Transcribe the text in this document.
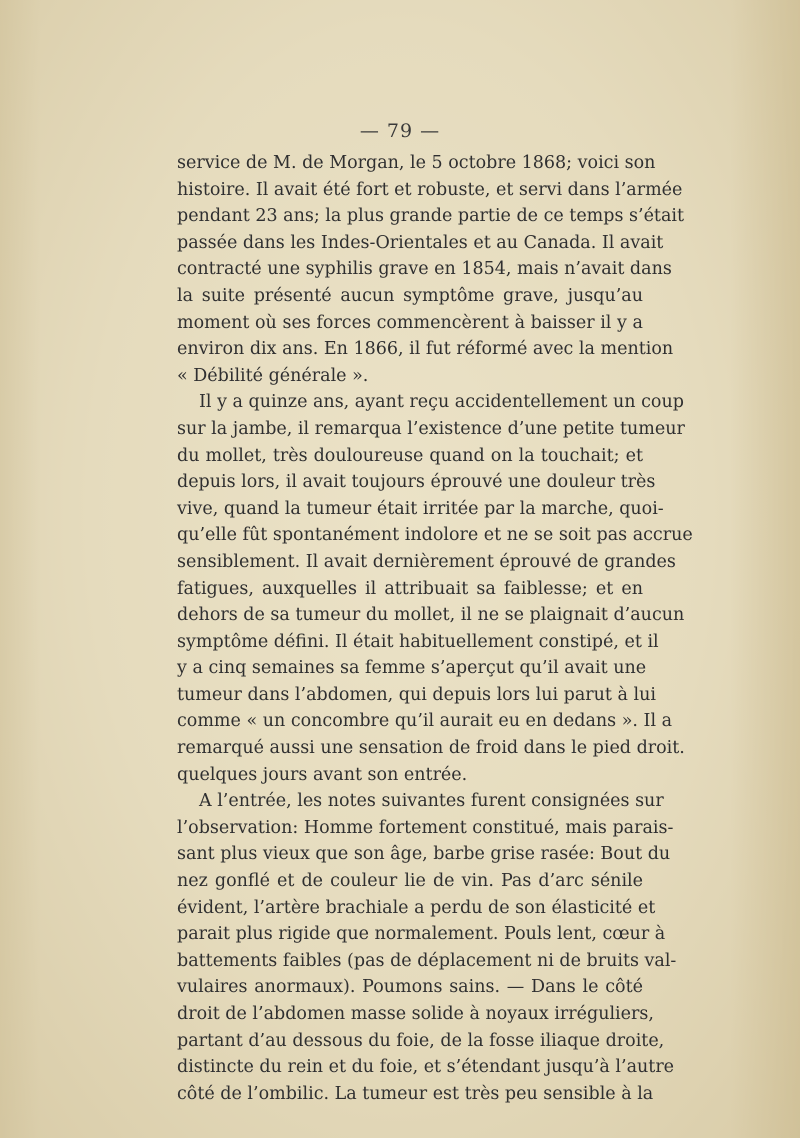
— 79 —
service de M. de Morgan, le 5 octobre 1868; voici son
histoire. Il avait été fort et robuste, et servi dans l’armée
pendant 23 ans; la plus grande partie de ce temps s’était
passée dans les Indes-Orientales et au Canada. Il avait
contracté une syphilis grave en 1854, mais n’avait dans
la suite présenté aucun symptôme grave, jusqu’au
moment où ses forces commencèrent à baisser il y a
environ dix ans. En 1866, il fut réformé avec la mention
« Débilité générale ».
Il y a quinze ans, ayant reçu accidentellement un coup
sur la jambe, il remarqua l’existence d’une petite tumeur
du mollet, très douloureuse quand on la touchait; et
depuis lors, il avait toujours éprouvé une douleur très
vive, quand la tumeur était irritée par la marche, quoi-
qu’elle fût spontanément indolore et ne se soit pas accrue
sensiblement. Il avait dernièrement éprouvé de grandes
fatigues, auxquelles il attribuait sa faiblesse; et en
dehors de sa tumeur du mollet, il ne se plaignait d’aucun
symptôme défini. Il était habituellement constipé, et il
y a cinq semaines sa femme s’aperçut qu’il avait une
tumeur dans l’abdomen, qui depuis lors lui parut à lui
comme « un concombre qu’il aurait eu en dedans ». Il a
remarqué aussi une sensation de froid dans le pied droit.
quelques jours avant son entrée.
A l’entrée, les notes suivantes furent consignées sur
l’observation: Homme fortement constitué, mais parais-
sant plus vieux que son âge, barbe grise rasée: Bout du
nez gonflé et de couleur lie de vin. Pas d’arc sénile
évident, l’artère brachiale a perdu de son élasticité et
parait plus rigide que normalement. Pouls lent, cœur à
battements faibles (pas de déplacement ni de bruits val-
vulaires anormaux). Poumons sains. — Dans le côté
droit de l’abdomen masse solide à noyaux irréguliers,
partant d’au dessous du foie, de la fosse iliaque droite,
distincte du rein et du foie, et s’étendant jusqu’à l’autre
côté de l’ombilic. La tumeur est très peu sensible à la
